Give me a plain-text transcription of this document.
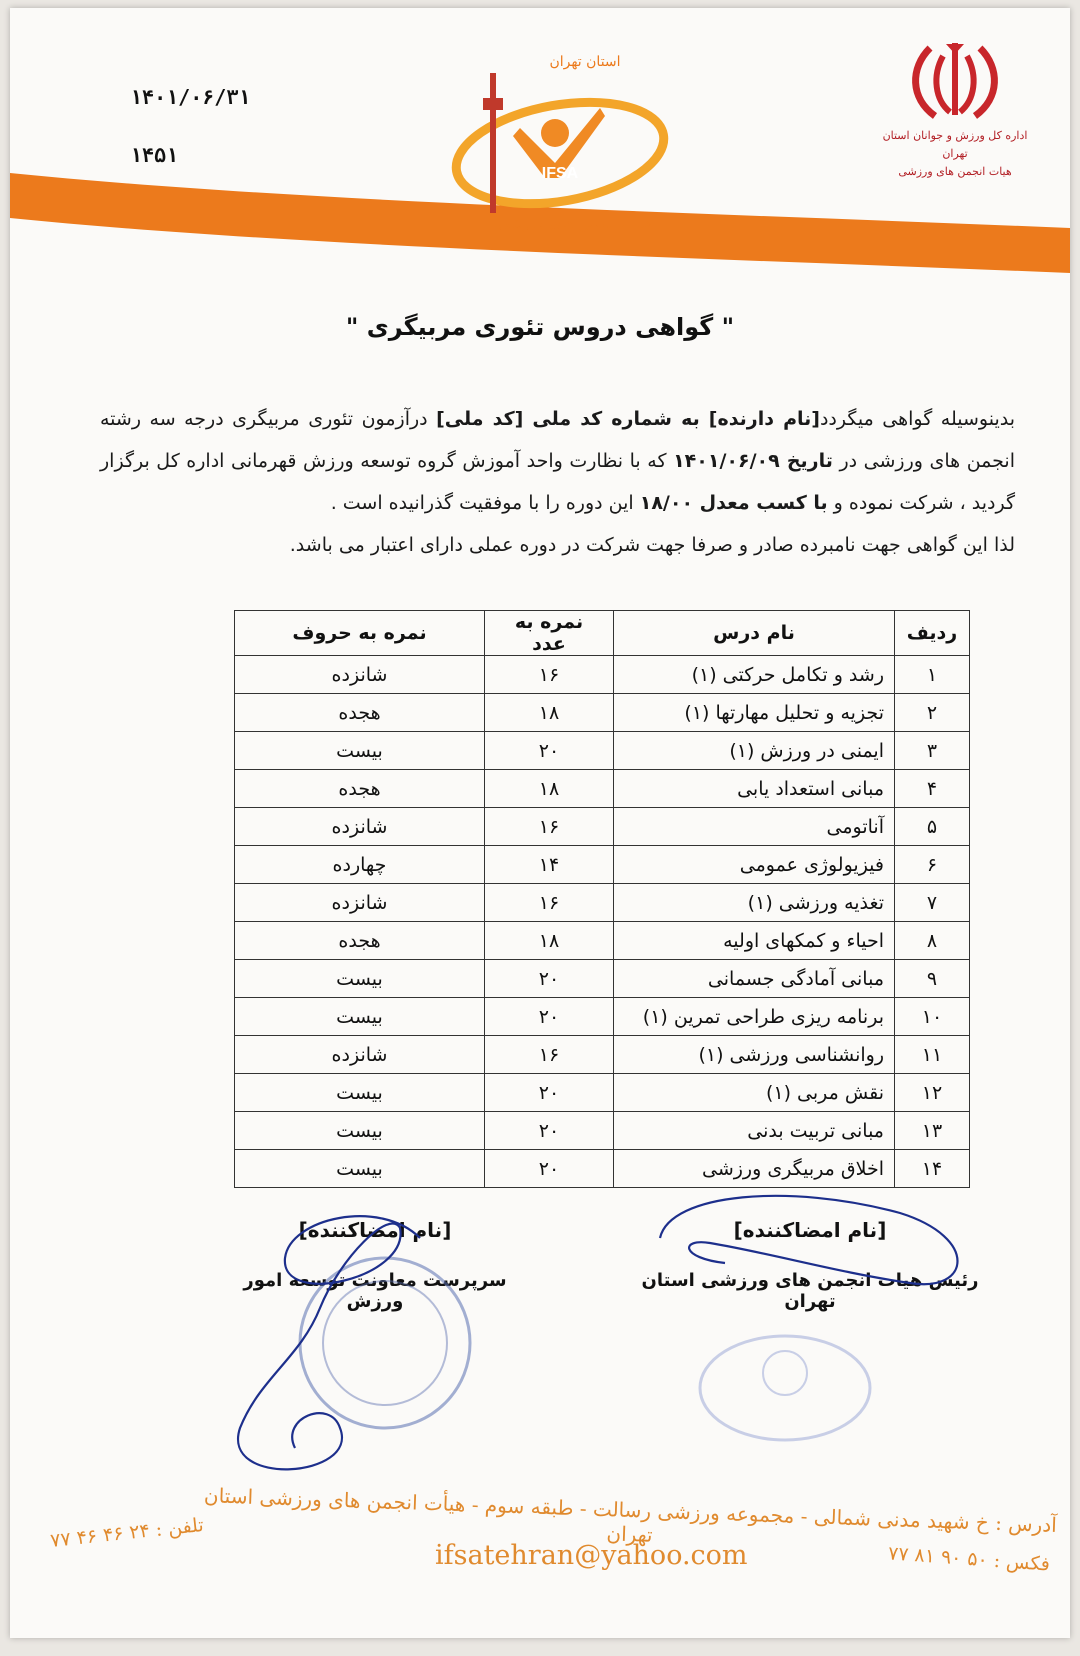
۱۴۰۱/۰۶/۳۱
۱۴۵۱
IFSA
استان تهران
هیات انجمن های ورزشی
اداره کل ورزش و جوانان استان تهران
هیات انجمن های ورزشی
" گواهی دروس تئوری مربیگری "
بدینوسیله گواهی میگردد[نام دارنده] به شماره کد ملی [کد ملی] درآزمون تئوری مربیگری درجه سه رشته انجمن های ورزشی در تاریخ ۱۴۰۱/۰۶/۰۹ که با نظارت واحد آموزش گروه توسعه ورزش قهرمانی اداره کل برگزار گردید ، شرکت نموده و با کسب معدل ۱۸/۰۰ این دوره را با موفقیت گذرانیده است .
لذا این گواهی جهت نامبرده صادر و صرفا جهت شرکت در دوره عملی دارای اعتبار می باشد.
ردیف	نام درس	نمره به عدد	نمره به حروف
۱	رشد و تکامل حرکتی (۱)	۱۶	شانزده
۲	تجزیه و تحلیل مهارتها (۱)	۱۸	هجده
۳	ایمنی در ورزش (۱)	۲۰	بیست
۴	مبانی استعداد یابی	۱۸	هجده
۵	آناتومی	۱۶	شانزده
۶	فیزیولوژی عمومی	۱۴	چهارده
۷	تغذیه ورزشی (۱)	۱۶	شانزده
۸	احیاء و کمکهای اولیه	۱۸	هجده
۹	مبانی آمادگی جسمانی	۲۰	بیست
۱۰	برنامه ریزی طراحی تمرین (۱)	۲۰	بیست
۱۱	روانشناسی ورزشی (۱)	۱۶	شانزده
۱۲	نقش مربی (۱)	۲۰	بیست
۱۳	مبانی تربیت بدنی	۲۰	بیست
۱۴	اخلاق مربیگری ورزشی	۲۰	بیست
[نام امضاکننده]
رئیس هیات انجمن های ورزشی استان تهران
[نام امضاکننده]
سرپرست معاونت توسعه امور ورزش
آدرس : خ شهید مدنی شمالی - مجموعه ورزشی رسالت - طبقه سوم - هیأت انجمن های ورزشی استان تهران
ifsatehran@yahoo.com
تلفن : ۲۴ ۴۶ ۴۶ ۷۷
فکس : ۵۰ ۹۰ ۸۱ ۷۷
